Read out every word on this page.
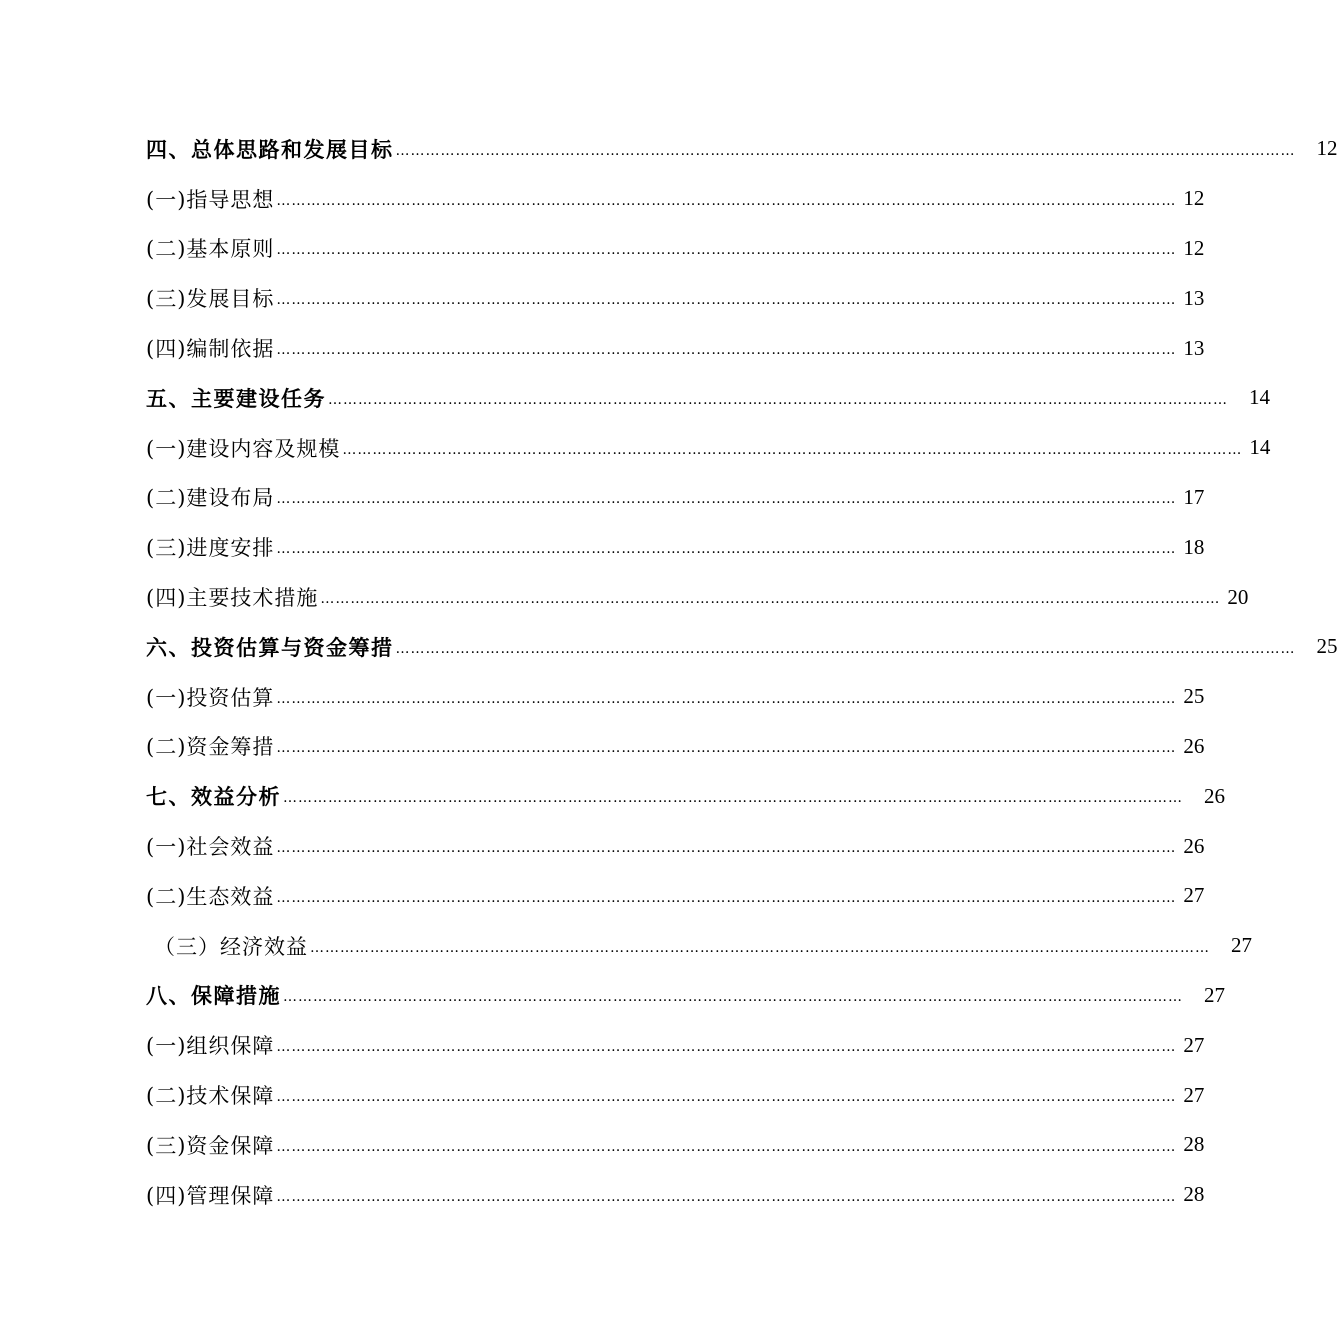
四、总体思路和发展目标 ………………………………………………………………………………………………………………………………………………………………	12
(一)指导思想 ……………………………………………………………………………………………………………………………………………………………… 12
(二)基本原则 ……………………………………………………………………………………………………………………………………………………………… 12
(三)发展目标 ……………………………………………………………………………………………………………………………………………………………… 13
(四)编制依据 ……………………………………………………………………………………………………………………………………………………………… 13
五、主要建设任务 ………………………………………………………………………………………………………………………………………………………………	14
(一)建设内容及规模 ……………………………………………………………………………………………………………………………………………………………… 14
(二)建设布局 ……………………………………………………………………………………………………………………………………………………………… 17
(三)进度安排 ……………………………………………………………………………………………………………………………………………………………… 18
(四)主要技术措施 ……………………………………………………………………………………………………………………………………………………………… 20
六、投资估算与资金筹措 ………………………………………………………………………………………………………………………………………………………………	25
(一)投资估算 ……………………………………………………………………………………………………………………………………………………………… 25
(二)资金筹措 ……………………………………………………………………………………………………………………………………………………………… 26
七、效益分析 ………………………………………………………………………………………………………………………………………………………………	26
(一)社会效益 ……………………………………………………………………………………………………………………………………………………………… 26
(二)生态效益 ……………………………………………………………………………………………………………………………………………………………… 27
（三）经济效益 ………………………………………………………………………………………………………………………………………………………………	27
八、保障措施 ………………………………………………………………………………………………………………………………………………………………	27
(一)组织保障 ……………………………………………………………………………………………………………………………………………………………… 27
(二)技术保障 ……………………………………………………………………………………………………………………………………………………………… 27
(三)资金保障 ……………………………………………………………………………………………………………………………………………………………… 28
(四)管理保障 ……………………………………………………………………………………………………………………………………………………………… 28
